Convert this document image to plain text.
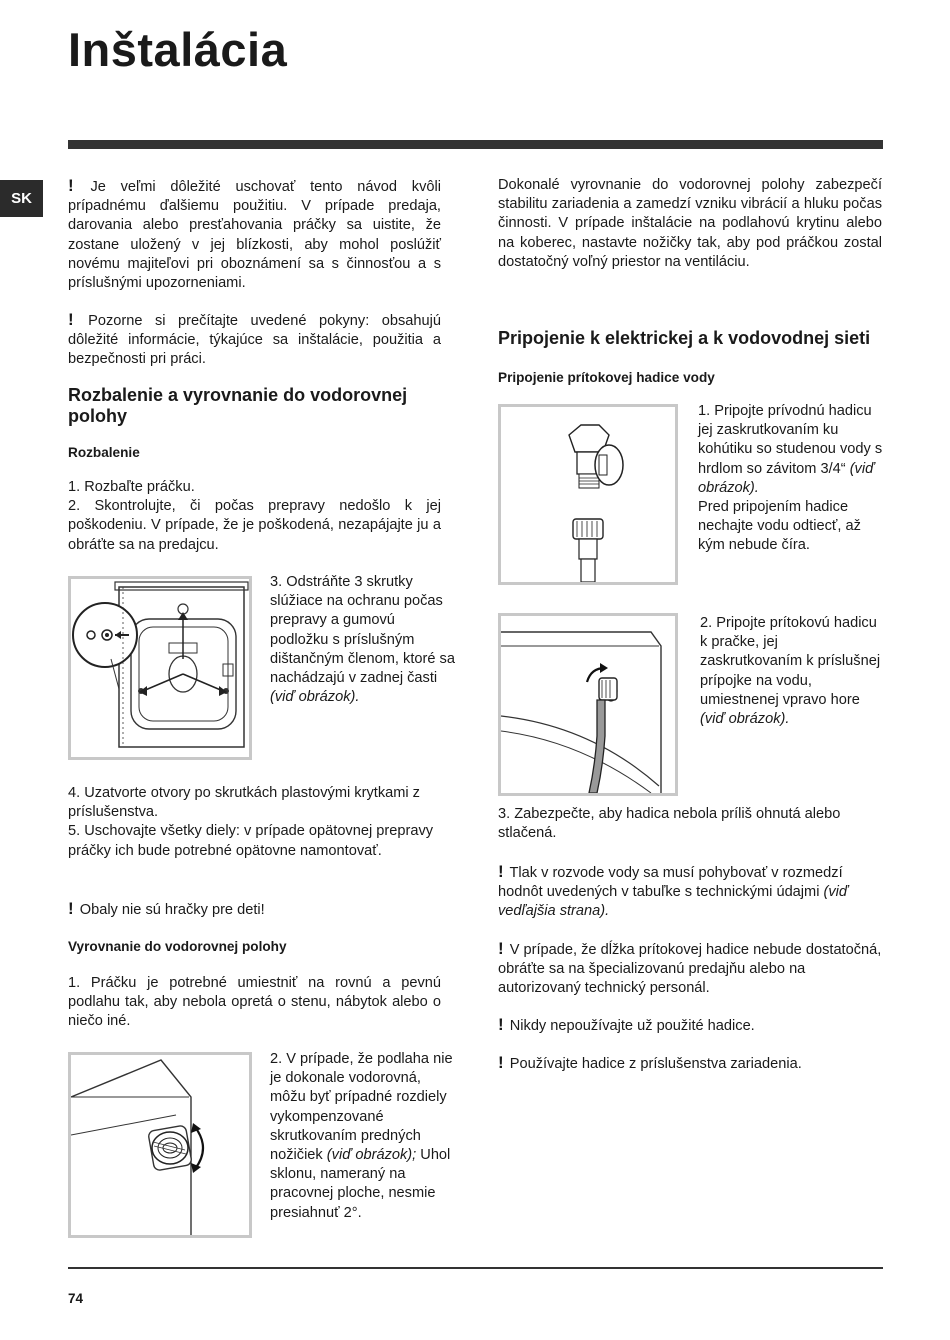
Inštalácia
SK

! Je veľmi dôležité uschovať tento návod kvôli prípadnému ďalšiemu použitiu. V prípade predaja, darovania alebo presťahovania práčky sa uistite, že zostane uložený v jej blízkosti, aby mohol poslúžiť novému majiteľovi pri oboznámení sa s činnosťou a s príslušnými upozorneniami.

! Pozorne si prečítajte uvedené pokyny: obsahujú dôležité informácie, týkajúce sa inštalácie, použitia a bezpečnosti pri práci.

Rozbalenie a vyrovnanie do vodorovnej polohy
Rozbalenie

1. Rozbaľte práčku.

2. Skontrolujte, či počas prepravy nedošlo k jej poškodeniu. V prípade, že je poškodená, nezapájajte ju a obráťte sa na predajcu.

3. Odstráňte 3 skrutky slúžiace na ochranu počas prepravy a gumovú podložku s príslušným dištančným členom, ktoré sa nachádzajú v zadnej časti (viď obrázok).

4. Uzatvorte otvory po skrutkách plastovými krytkami z príslušenstva.

5. Uschovajte všetky diely: v prípade opätovnej prepravy práčky ich bude potrebné opätovne namontovať.

! Obaly nie sú hračky pre deti!

Vyrovnanie do vodorovnej polohy

1. Práčku je potrebné umiestniť na rovnú a pevnú podlahu tak, aby nebola opretá o stenu, nábytok alebo o niečo iné.

2. V prípade, že podlaha nie je dokonale vodorovná, môžu byť prípadné rozdiely vykompenzované skrutkovaním predných nožičiek (viď obrázok); Uhol sklonu, nameraný na pracovnej ploche, nesmie presiahnuť 2°.

Dokonalé vyrovnanie do vodorovnej polohy zabezpečí stabilitu zariadenia a zamedzí vzniku vibrácií a hluku počas činnosti. V prípade inštalácie na podlahovú krytinu alebo na koberec, nastavte nožičky tak, aby pod práčkou zostal dostatočný voľný priestor na ventiláciu.

Pripojenie k elektrickej a k vodovodnej sieti
Pripojenie prítokovej hadice vody

1. Pripojte prívodnú hadicu jej zaskrutkovaním ku kohútiku so studenou vody s hrdlom so závitom 3/4“ (viď obrázok).

Pred pripojením hadice nechajte vodu odtiecť, až kým nebude číra.

2. Pripojte prítokovú hadicu k pračke, jej zaskrutkovaním k príslušnej prípojke na vodu, umiestnenej vpravo hore (viď obrázok).

3. Zabezpečte, aby hadica nebola príliš ohnutá alebo stlačená.

! Tlak v rozvode vody sa musí pohybovať v rozmedzí hodnôt uvedených v tabuľke s technickými údajmi (viď vedľajšia strana).

! V prípade, že dĺžka prítokovej hadice nebude dostatočná, obráťte sa na špecializovanú predajňu alebo na autorizovaný technický personál.

! Nikdy nepoužívajte už použité hadice.

! Používajte hadice z príslušenstva zariadenia.

74
